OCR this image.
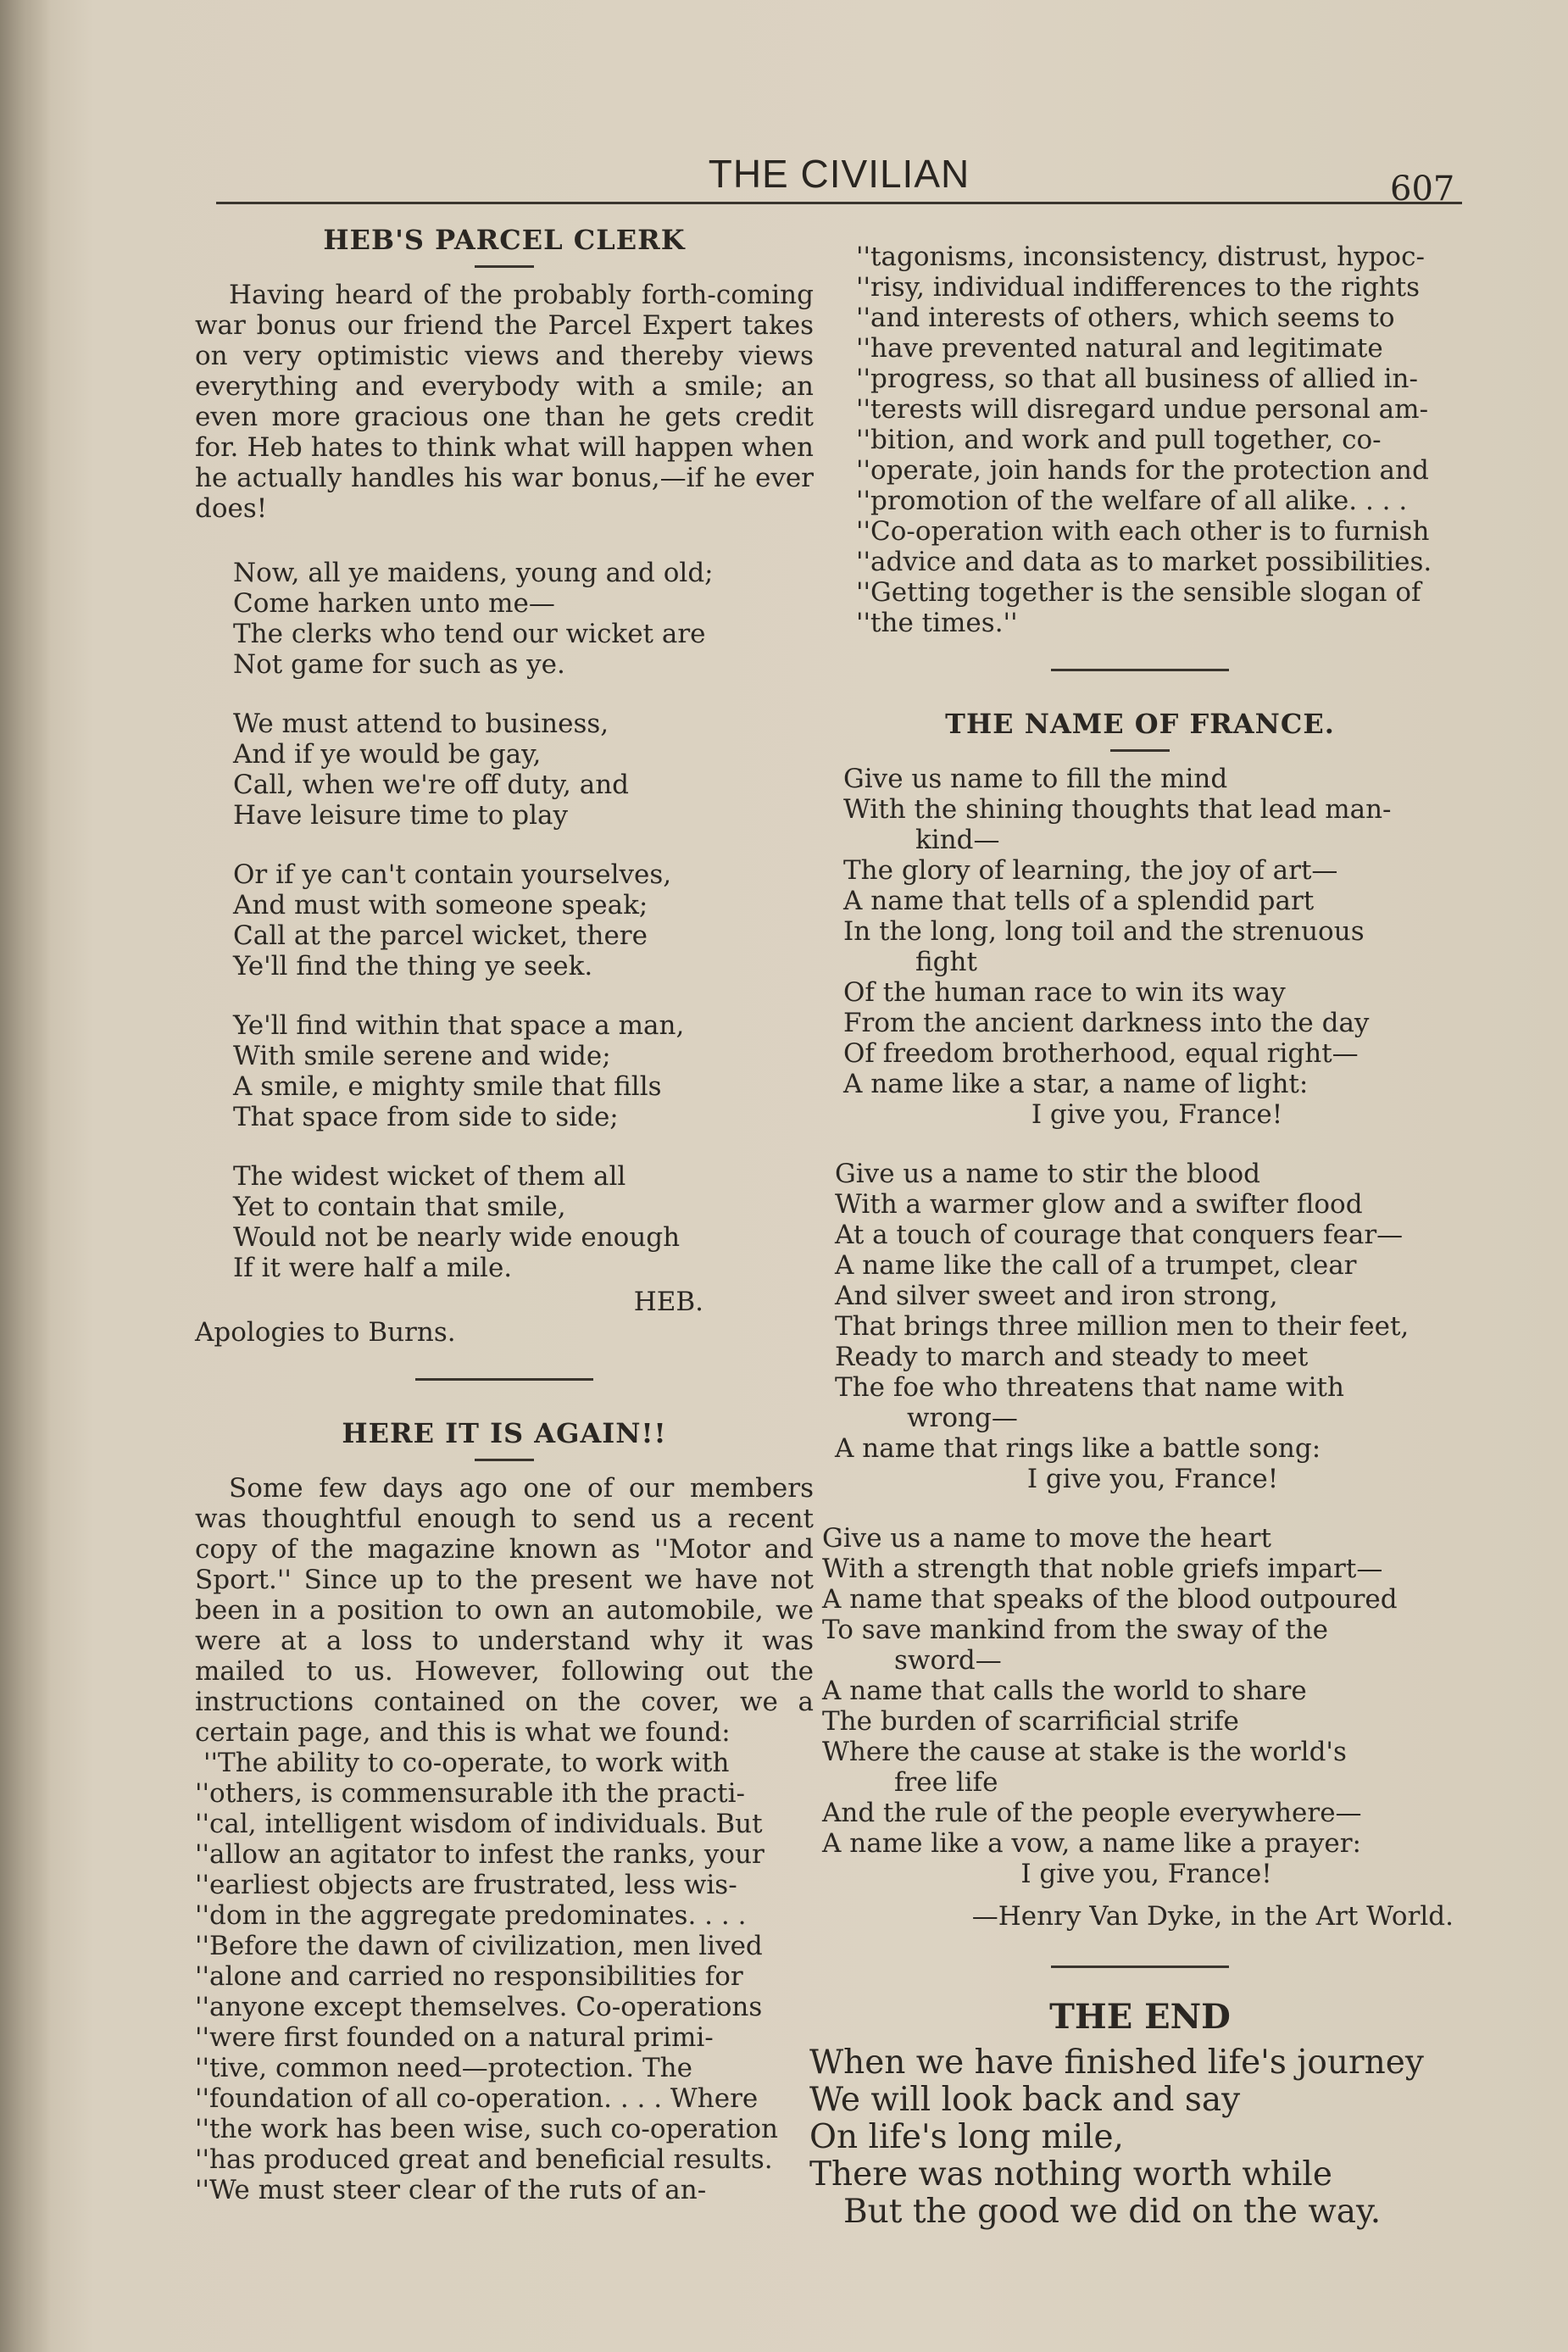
THE CIVILIAN	607

HEB'S PARCEL CLERK

Having heard of the probably forth-coming war bonus our friend the Parcel Expert takes on very optimistic views and thereby views everything and everybody with a smile; an even more gracious one than he gets credit for. Heb hates to think what will happen when he actually handles his war bonus,—if he ever does!

Now, all ye maidens, young and old;
Come harken unto me—
The clerks who tend our wicket are
Not game for such as ye.
We must attend to business,
And if ye would be gay,
Call, when we're off duty, and
Have leisure time to play
Or if ye can't contain yourselves,
And must with someone speak;
Call at the parcel wicket, there
Ye'll find the thing ye seek.
Ye'll find within that space a man,
With smile serene and wide;
A smile, e mighty smile that fills
That space from side to side;
The widest wicket of them all
Yet to contain that smile,
Would not be nearly wide enough
If it were half a mile.
HEB.

Apologies to Burns.

HERE IT IS AGAIN!!

Some few days ago one of our members was thoughtful enough to send us a recent copy of the magazine known as ''Motor and Sport.'' Since up to the present we have not been in a position to own an automobile, we were at a loss to understand why it was mailed to us. However, following out the instructions contained on the cover, we a certain page, and this is what we found:

''The ability to co-operate, to work with
''others, is commensurable ith the practi-
''cal, intelligent wisdom of individuals. But
''allow an agitator to infest the ranks, your
''earliest objects are frustrated, less wis-
''dom in the aggregate predominates. . . .
''Before the dawn of civilization, men lived
''alone and carried no responsibilities for
''anyone except themselves. Co-operations
''were first founded on a natural primi-
''tive, common need—protection. The
''foundation of all co-operation. . . . Where
''the work has been wise, such co-operation
''has produced great and beneficial results.
''We must steer clear of the ruts of an-
''tagonisms, inconsistency, distrust, hypoc-
''risy, individual indifferences to the rights
''and interests of others, which seems to
''have prevented natural and legitimate
''progress, so that all business of allied in-
''terests will disregard undue personal am-
''bition, and work and pull together, co-
''operate, join hands for the protection and
''promotion of the welfare of all alike. . . .
''Co-operation with each other is to furnish
''advice and data as to market possibilities.
''Getting together is the sensible slogan of
''the times.''

THE NAME OF FRANCE.

Give us name to fill the mind
With the shining thoughts that lead man-
kind—
The glory of learning, the joy of art—
A name that tells of a splendid part
In the long, long toil and the strenuous
fight
Of the human race to win its way
From the ancient darkness into the day
Of freedom brotherhood, equal right—
A name like a star, a name of light:
I give you, France!
Give us a name to stir the blood
With a warmer glow and a swifter flood
At a touch of courage that conquers fear—
A name like the call of a trumpet, clear
And silver sweet and iron strong,
That brings three million men to their feet,
Ready to march and steady to meet
The foe who threatens that name with
wrong—
A name that rings like a battle song:
I give you, France!
Give us a name to move the heart
With a strength that noble griefs impart—
A name that speaks of the blood outpoured
To save mankind from the sway of the
sword—
A name that calls the world to share
The burden of scarrificial strife
Where the cause at stake is the world's
free life
And the rule of the people everywhere—
A name like a vow, a name like a prayer:
I give you, France!
—Henry Van Dyke, in the Art World.

THE END

When we have finished life's journey
We will look back and say
On life's long mile,
There was nothing worth while
But the good we did on the way.
